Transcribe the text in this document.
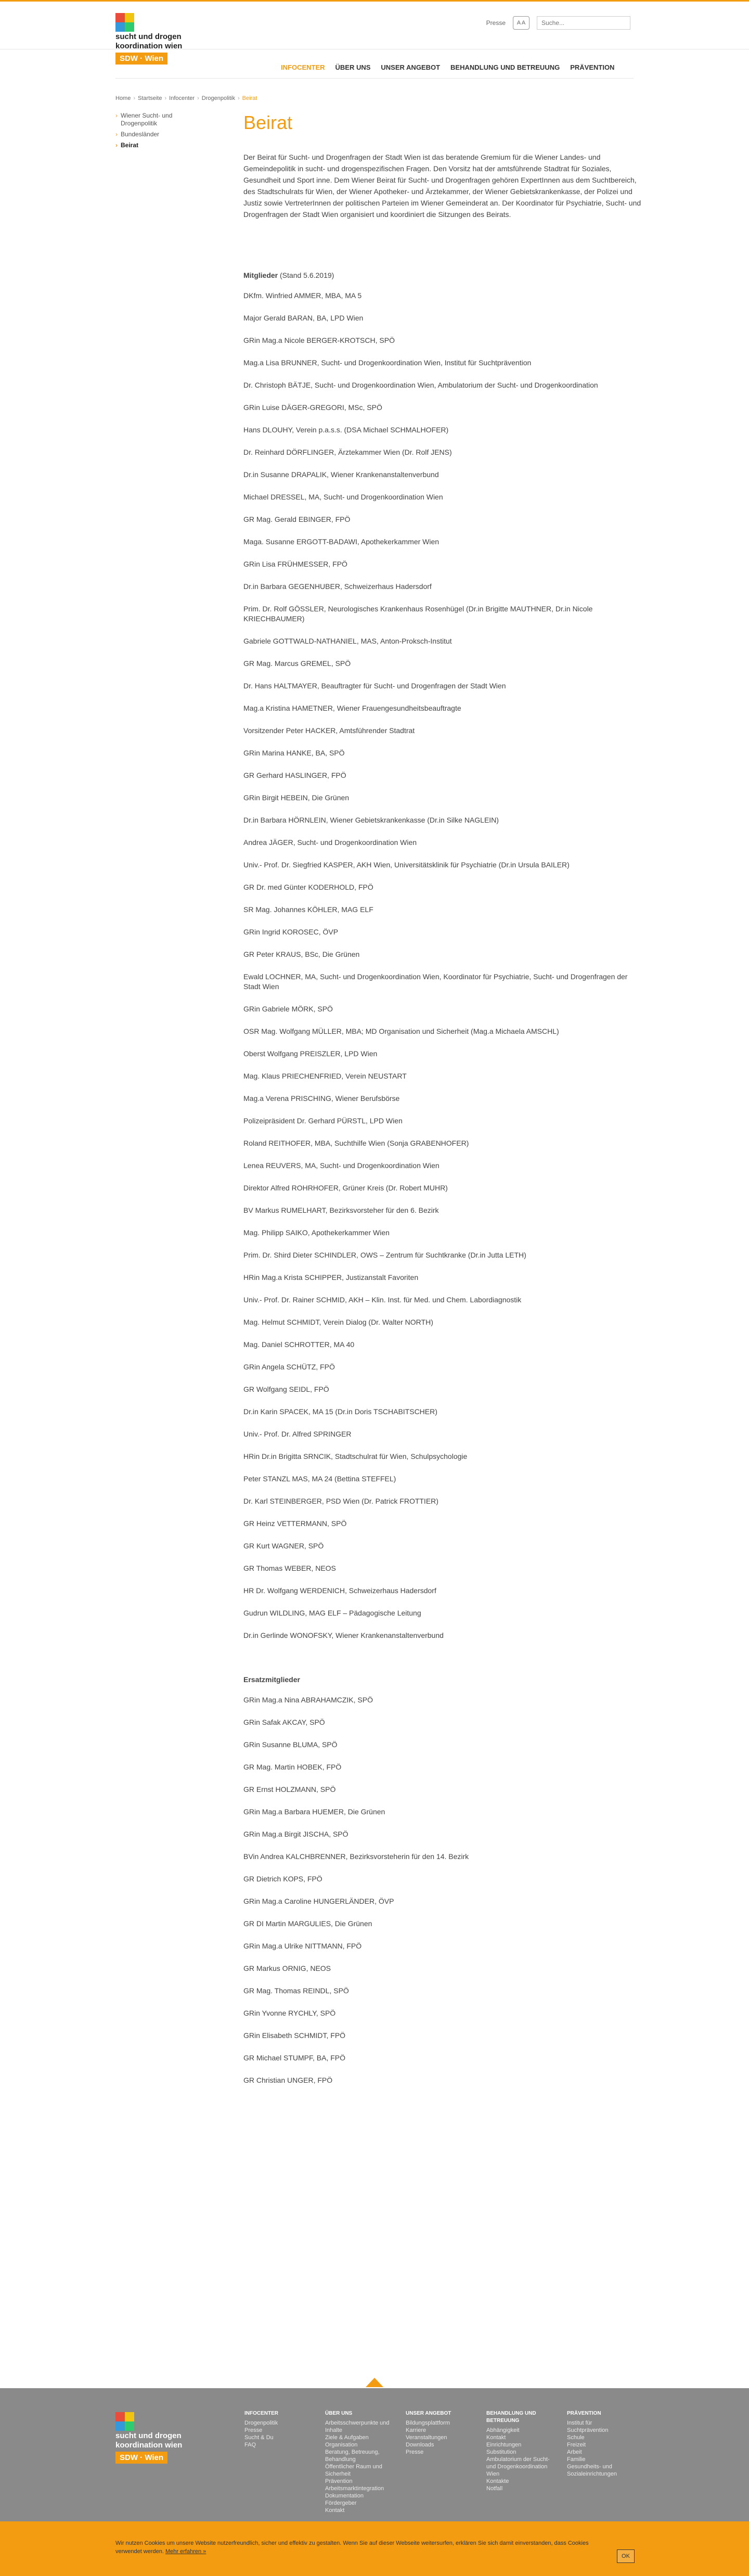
sucht und drogen
koordination wien
SDW · Wien
Presse	A A
Suche...
INFOCENTER ÜBER UNS UNSER ANGEBOT BEHANDLUNG UND BETREUUNG PRÄVENTION
Home › Startseite › Infocenter › Drogenpolitik › Beirat
› Wiener Sucht- und Drogenpolitik
› Bundesländer
› Beirat
Beirat

Der Beirat für Sucht- und Drogenfragen der Stadt Wien ist das beratende Gremium für die Wiener Landes- und Gemeindepolitik in sucht- und drogenspezifischen Fragen. Den Vorsitz hat der amtsführende Stadtrat für Soziales, Gesundheit und Sport inne. Dem Wiener Beirat für Sucht- und Drogenfragen gehören ExpertInnen aus dem Suchtbereich, des Stadtschulrats für Wien, der Wiener Apotheker- und Ärztekammer, der Wiener Gebietskrankenkasse, der Polizei und Justiz sowie VertreterInnen der politischen Parteien im Wiener Gemeinderat an. Der Koordinator für Psychiatrie, Sucht- und Drogenfragen der Stadt Wien organisiert und koordiniert die Sitzungen des Beirats.

Mitglieder (Stand 5.6.2019)

DKfm. Winfried AMMER, MBA, MA 5

Major Gerald BARAN, BA, LPD Wien

GRin Mag.a Nicole BERGER-KROTSCH, SPÖ

Mag.a Lisa BRUNNER, Sucht- und Drogenkoordination Wien, Institut für Suchtprävention

Dr. Christoph BÄTJE, Sucht- und Drogenkoordination Wien, Ambulatorium der Sucht- und Drogenkoordination

GRin Luise DÄGER-GREGORI, MSc, SPÖ

Hans DLOUHY, Verein p.a.s.s. (DSA Michael SCHMALHOFER)

Dr. Reinhard DÖRFLINGER, Ärztekammer Wien (Dr. Rolf JENS)

Dr.in Susanne DRAPALIK, Wiener Krankenanstaltenverbund

Michael DRESSEL, MA, Sucht- und Drogenkoordination Wien

GR Mag. Gerald EBINGER, FPÖ

Maga. Susanne ERGOTT-BADAWI, Apothekerkammer Wien

GRin Lisa FRÜHMESSER, FPÖ

Dr.in Barbara GEGENHUBER, Schweizerhaus Hadersdorf

Prim. Dr. Rolf GÖSSLER, Neurologisches Krankenhaus Rosenhügel (Dr.in Brigitte MAUTHNER, Dr.in Nicole KRIECHBAUMER)

Gabriele GOTTWALD-NATHANIEL, MAS, Anton-Proksch-Institut

GR Mag. Marcus GREMEL, SPÖ

Dr. Hans HALTMAYER, Beauftragter für Sucht- und Drogenfragen der Stadt Wien

Mag.a Kristina HAMETNER, Wiener Frauengesundheitsbeauftragte

Vorsitzender Peter HACKER, Amtsführender Stadtrat

GRin Marina HANKE, BA, SPÖ

GR Gerhard HASLINGER, FPÖ

GRin Birgit HEBEIN, Die Grünen

Dr.in Barbara HÖRNLEIN, Wiener Gebietskrankenkasse (Dr.in Silke NAGLEIN)

Andrea JÄGER, Sucht- und Drogenkoordination Wien

Univ.- Prof. Dr. Siegfried KASPER, AKH Wien, Universitätsklinik für Psychiatrie (Dr.in Ursula BAILER)

GR Dr. med Günter KODERHOLD, FPÖ

SR Mag. Johannes KÖHLER, MAG ELF

GRin Ingrid KOROSEC, ÖVP

GR Peter KRAUS, BSc, Die Grünen

Ewald LOCHNER, MA, Sucht- und Drogenkoordination Wien, Koordinator für Psychiatrie, Sucht- und Drogenfragen der Stadt Wien

GRin Gabriele MÖRK, SPÖ

OSR Mag. Wolfgang MÜLLER, MBA; MD Organisation und Sicherheit (Mag.a Michaela AMSCHL)

Oberst Wolfgang PREISZLER, LPD Wien

Mag. Klaus PRIECHENFRIED, Verein NEUSTART

Mag.a Verena PRISCHING, Wiener Berufsbörse

Polizeipräsident Dr. Gerhard PÜRSTL, LPD Wien

Roland REITHOFER, MBA, Suchthilfe Wien (Sonja GRABENHOFER)

Lenea REUVERS, MA, Sucht- und Drogenkoordination Wien

Direktor Alfred ROHRHOFER, Grüner Kreis (Dr. Robert MUHR)

BV Markus RUMELHART, Bezirksvorsteher für den 6. Bezirk

Mag. Philipp SAIKO, Apothekerkammer Wien

Prim. Dr. Shird Dieter SCHINDLER, OWS – Zentrum für Suchtkranke (Dr.in Jutta LETH)

HRin Mag.a Krista SCHIPPER, Justizanstalt Favoriten

Univ.- Prof. Dr. Rainer SCHMID, AKH – Klin. Inst. für Med. und Chem. Labordiagnostik

Mag. Helmut SCHMIDT, Verein Dialog (Dr. Walter NORTH)

Mag. Daniel SCHROTTER, MA 40

GRin Angela SCHÜTZ, FPÖ

GR Wolfgang SEIDL, FPÖ

Dr.in Karin SPACEK, MA 15 (Dr.in Doris TSCHABITSCHER)

Univ.- Prof. Dr. Alfred SPRINGER

HRin Dr.in Brigitta SRNCIK, Stadtschulrat für Wien, Schulpsychologie

Peter STANZL MAS, MA 24 (Bettina STEFFEL)

Dr. Karl STEINBERGER, PSD Wien (Dr. Patrick FROTTIER)

GR Heinz VETTERMANN, SPÖ

GR Kurt WAGNER, SPÖ

GR Thomas WEBER, NEOS

HR Dr. Wolfgang WERDENICH, Schweizerhaus Hadersdorf

Gudrun WILDLING, MAG ELF – Pädagogische Leitung

Dr.in Gerlinde WONOFSKY, Wiener Krankenanstaltenverbund

Ersatzmitglieder

GRin Mag.a Nina ABRAHAMCZIK, SPÖ

GRin Safak AKCAY, SPÖ

GRin Susanne BLUMA, SPÖ

GR Mag. Martin HOBEK, FPÖ

GR Ernst HOLZMANN, SPÖ

GRin Mag.a Barbara HUEMER, Die Grünen

GRin Mag.a Birgit JISCHA, SPÖ

BVin Andrea KALCHBRENNER, Bezirksvorsteherin für den 14. Bezirk

GR Dietrich KOPS, FPÖ

GRin Mag.a Caroline HUNGERLÄNDER, ÖVP

GR DI Martin MARGULIES, Die Grünen

GRin Mag.a Ulrike NITTMANN, FPÖ

GR Markus ORNIG, NEOS

GR Mag. Thomas REINDL, SPÖ

GRin Yvonne RYCHLY, SPÖ

GRin Elisabeth SCHMIDT, FPÖ

GR Michael STUMPF, BA, FPÖ

GR Christian UNGER, FPÖ

sucht und drogen
koordination wien
SDW · Wien
INFOCENTER
Drogenpolitik
Presse
Sucht & Du
FAQ
ÜBER UNS
Arbeitsschwerpunkte und Inhalte
Ziele & Aufgaben
Organisation
Beratung, Betreuung, Behandlung
Öffentlicher Raum und Sicherheit
Prävention
Arbeitsmarktintegration
Dokumentation
Fördergeber
Kontakt
UNSER ANGEBOT
Bildungsplattform
Karriere
Veranstaltungen
Downloads
Presse
BEHANDLUNG UND BETREUUNG
Abhängigkeit
Kontakt
Einrichtungen
Substitution
Ambulatorium der Sucht- und Drogenkoordination Wien
Kontakte
Notfall
PRÄVENTION
Institut für Suchtprävention
Schule
Freizeit
Arbeit
Familie
Gesundheits- und Sozialeinrichtungen

Wir nutzen Cookies um unsere Website nutzerfreundlich, sicher und effektiv zu gestalten. Wenn Sie auf dieser Webseite weitersurfen, erklären Sie sich damit einverstanden, dass Cookies verwendet werden. Mehr erfahren »

OK
